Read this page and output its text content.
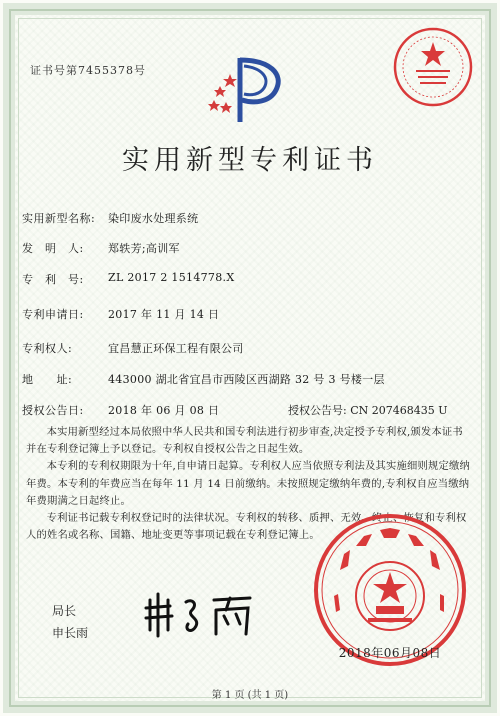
证书号第7455378号
实用新型专利证书
实用新型名称:	染印废水处理系统
发　明　人:	郑轶芳;高训军
专　利　号:	ZL 2017 2 1514778.X
专利申请日:	2017 年 11 月 14 日
专利权人:	宜昌慧正环保工程有限公司
地　　址:	443000 湖北省宜昌市西陵区西湖路 32 号 3 号楼一层
授权公告日:	2018 年 06 月 08 日	授权公告号: CN 207468435 U

本实用新型经过本局依照中华人民共和国专利法进行初步审查,决定授予专利权,颁发本证书并在专利登记簿上予以登记。专利权自授权公告之日起生效。

本专利的专利权期限为十年,自申请日起算。专利权人应当依照专利法及其实施细则规定缴纳年费。本专利的年费应当在每年 11 月 14 日前缴纳。未按照规定缴纳年费的,专利权自应当缴纳年费期满之日起终止。

专利证书记载专利权登记时的法律状况。专利权的转移、质押、无效、终止、恢复和专利权人的姓名或名称、国籍、地址变更等事项记载在专利登记簿上。

局长
申长雨
2018年06月08日
第 1 页 (共 1 页)
